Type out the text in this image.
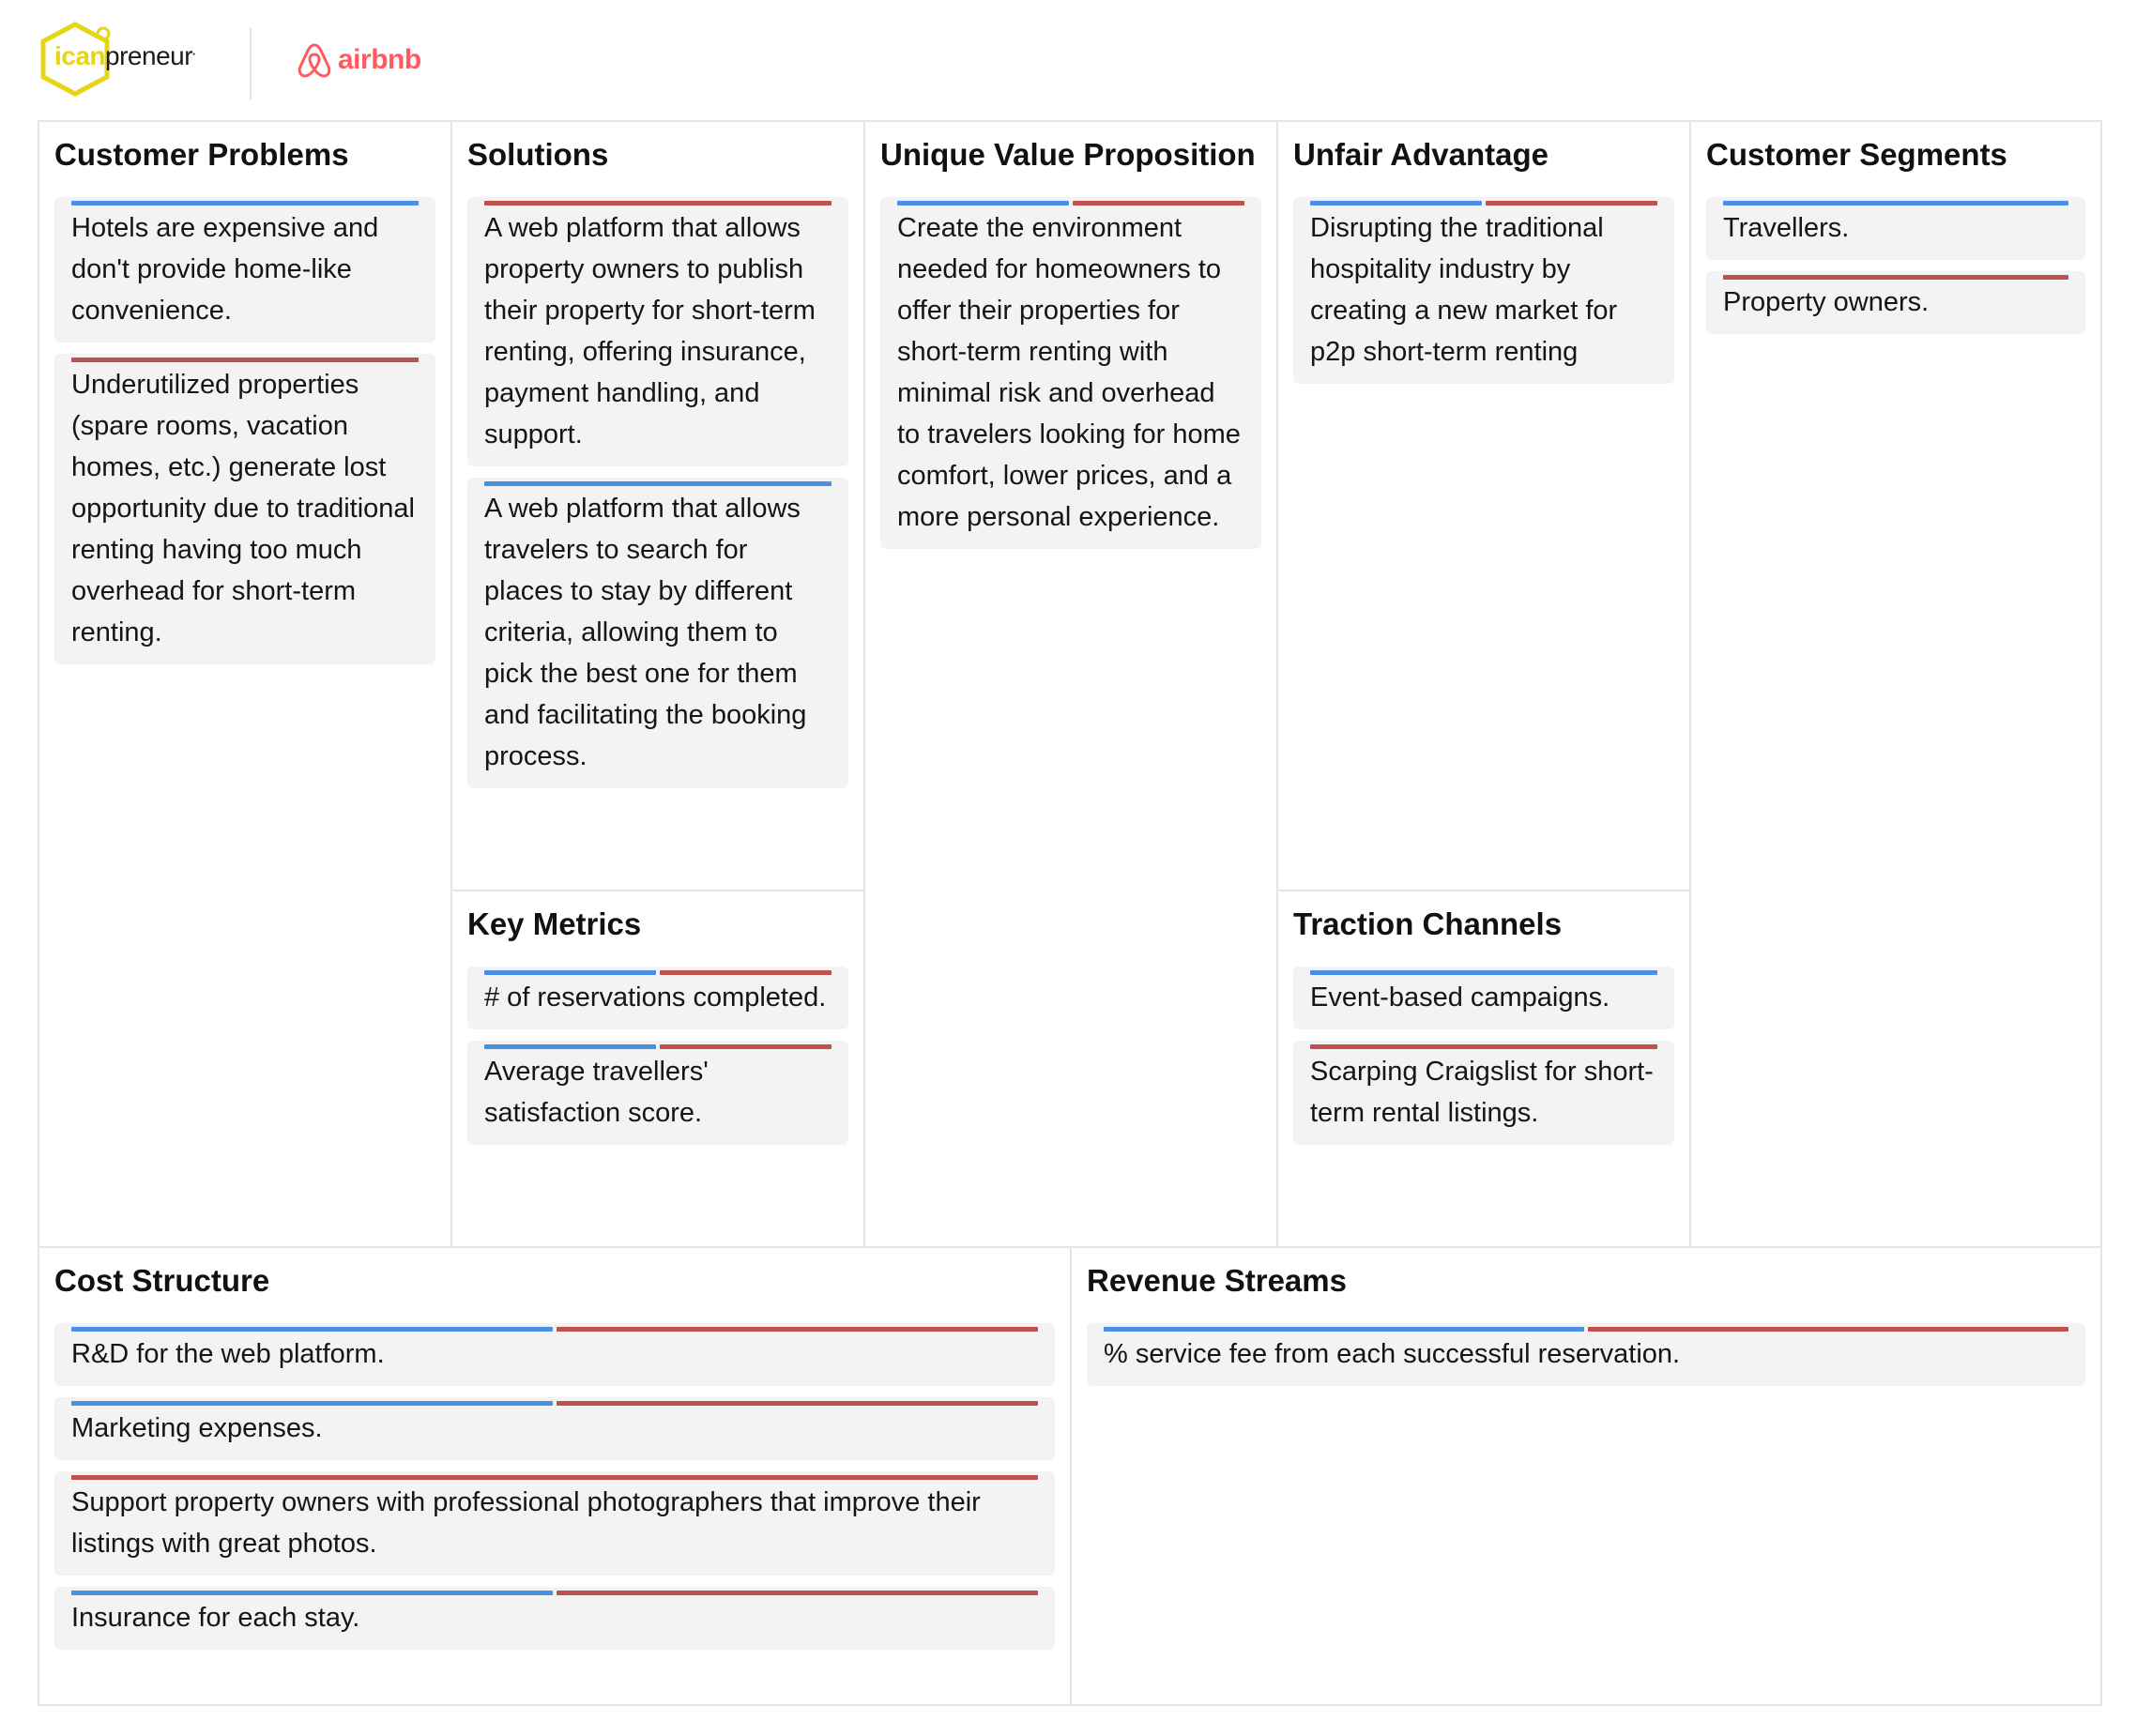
icanpreneur.	airbnb
Customer Problems
Hotels are expensive and don't provide home-like convenience.
Underutilized properties (spare rooms, vacation homes, etc.) generate lost opportunity due to traditional renting having too much overhead for short-term renting.
Solutions
A web platform that allows property owners to publish their property for short-term renting, offering insurance, payment handling, and support.
A web platform that allows travelers to search for places to stay by different criteria, allowing them to pick the best one for them and facilitating the booking process.
Key Metrics
# of reservations completed.
Average travellers' satisfaction score.
Unique Value Proposition
Create the environment needed for homeowners to offer their properties for short-term renting with minimal risk and overhead to travelers looking for home comfort, lower prices, and a more personal experience.
Unfair Advantage
Disrupting the traditional hospitality industry by creating a new market for p2p short-term renting
Traction Channels
Event-based campaigns.
Scarping Craigslist for short-term rental listings.
Customer Segments
Travellers.
Property owners.
Cost Structure
R&D for the web platform.
Marketing expenses.
Support property owners with professional photographers that improve their listings with great photos.
Insurance for each stay.
Revenue Streams
% service fee from each successful reservation.
